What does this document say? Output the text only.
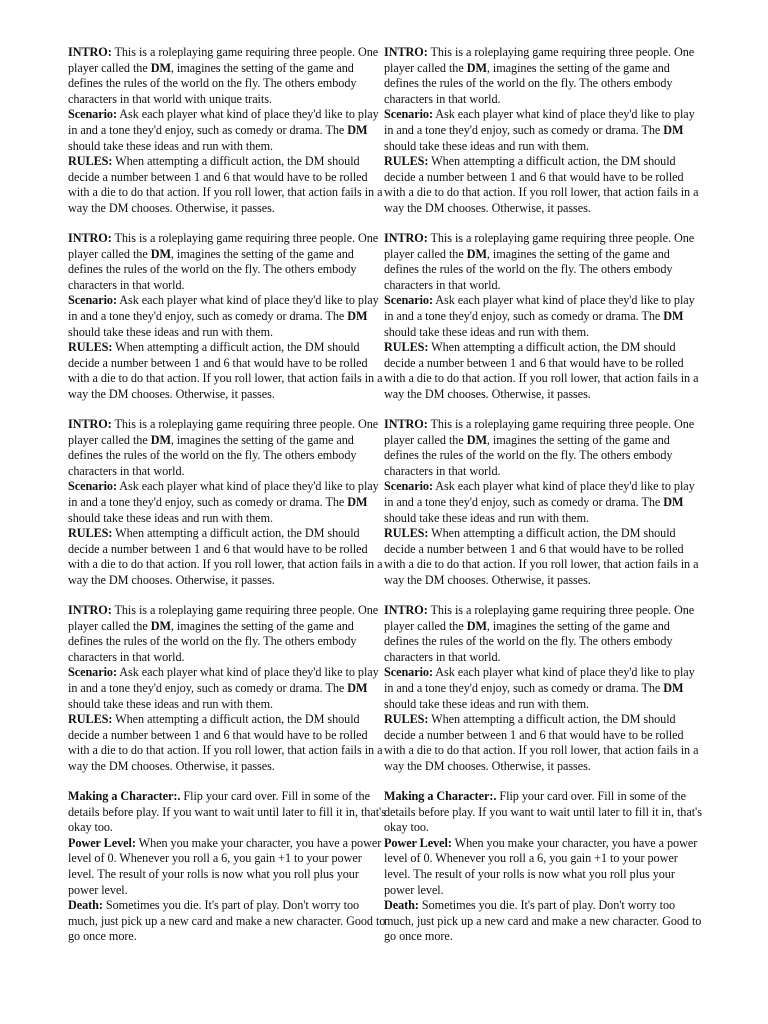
INTRO: This is a roleplaying game requiring three people. One player called the DM, imagines the setting of the game and defines the rules of the world on the fly. The others embody characters in that world with unique traits.

Scenario: Ask each player what kind of place they'd like to play in and a tone they'd enjoy, such as comedy or drama. The DM should take these ideas and run with them.

RULES: When attempting a difficult action, the DM should decide a number between 1 and 6 that would have to be rolled with a die to do that action. If you roll lower, that action fails in a way the DM chooses. Otherwise, it passes.

INTRO: This is a roleplaying game requiring three people. One player called the DM, imagines the setting of the game and defines the rules of the world on the fly. The others embody characters in that world.

Scenario: Ask each player what kind of place they'd like to play in and a tone they'd enjoy, such as comedy or drama. The DM should take these ideas and run with them.

RULES: When attempting a difficult action, the DM should decide a number between 1 and 6 that would have to be rolled with a die to do that action. If you roll lower, that action fails in a way the DM chooses. Otherwise, it passes.

INTRO: This is a roleplaying game requiring three people. One player called the DM, imagines the setting of the game and defines the rules of the world on the fly. The others embody characters in that world.

Scenario: Ask each player what kind of place they'd like to play in and a tone they'd enjoy, such as comedy or drama. The DM should take these ideas and run with them.

RULES: When attempting a difficult action, the DM should decide a number between 1 and 6 that would have to be rolled with a die to do that action. If you roll lower, that action fails in a way the DM chooses. Otherwise, it passes.

INTRO: This is a roleplaying game requiring three people. One player called the DM, imagines the setting of the game and defines the rules of the world on the fly. The others embody characters in that world.

Scenario: Ask each player what kind of place they'd like to play in and a tone they'd enjoy, such as comedy or drama. The DM should take these ideas and run with them.

RULES: When attempting a difficult action, the DM should decide a number between 1 and 6 that would have to be rolled with a die to do that action. If you roll lower, that action fails in a way the DM chooses. Otherwise, it passes.

INTRO: This is a roleplaying game requiring three people. One player called the DM, imagines the setting of the game and defines the rules of the world on the fly. The others embody characters in that world.

Scenario: Ask each player what kind of place they'd like to play in and a tone they'd enjoy, such as comedy or drama. The DM should take these ideas and run with them.

RULES: When attempting a difficult action, the DM should decide a number between 1 and 6 that would have to be rolled with a die to do that action. If you roll lower, that action fails in a way the DM chooses. Otherwise, it passes.

INTRO: This is a roleplaying game requiring three people. One player called the DM, imagines the setting of the game and defines the rules of the world on the fly. The others embody characters in that world.

Scenario: Ask each player what kind of place they'd like to play in and a tone they'd enjoy, such as comedy or drama. The DM should take these ideas and run with them.

RULES: When attempting a difficult action, the DM should decide a number between 1 and 6 that would have to be rolled with a die to do that action. If you roll lower, that action fails in a way the DM chooses. Otherwise, it passes.

INTRO: This is a roleplaying game requiring three people. One player called the DM, imagines the setting of the game and defines the rules of the world on the fly. The others embody characters in that world.

Scenario: Ask each player what kind of place they'd like to play in and a tone they'd enjoy, such as comedy or drama. The DM should take these ideas and run with them.

RULES: When attempting a difficult action, the DM should decide a number between 1 and 6 that would have to be rolled with a die to do that action. If you roll lower, that action fails in a way the DM chooses. Otherwise, it passes.

INTRO: This is a roleplaying game requiring three people. One player called the DM, imagines the setting of the game and defines the rules of the world on the fly. The others embody characters in that world.

Scenario: Ask each player what kind of place they'd like to play in and a tone they'd enjoy, such as comedy or drama. The DM should take these ideas and run with them.

RULES: When attempting a difficult action, the DM should decide a number between 1 and 6 that would have to be rolled with a die to do that action. If you roll lower, that action fails in a way the DM chooses. Otherwise, it passes.

Making a Character:. Flip your card over. Fill in some of the details before play. If you want to wait until later to fill it in, that's okay too.

Power Level: When you make your character, you have a power level of 0. Whenever you roll a 6, you gain +1 to your power level. The result of your rolls is now what you roll plus your power level.

Death: Sometimes you die. It's part of play. Don't worry too much, just pick up a new card and make a new character. Good to go once more.

Making a Character:. Flip your card over. Fill in some of the details before play. If you want to wait until later to fill it in, that's okay too.

Power Level: When you make your character, you have a power level of 0. Whenever you roll a 6, you gain +1 to your power level. The result of your rolls is now what you roll plus your power level.

Death: Sometimes you die. It's part of play. Don't worry too much, just pick up a new card and make a new character. Good to go once more.
